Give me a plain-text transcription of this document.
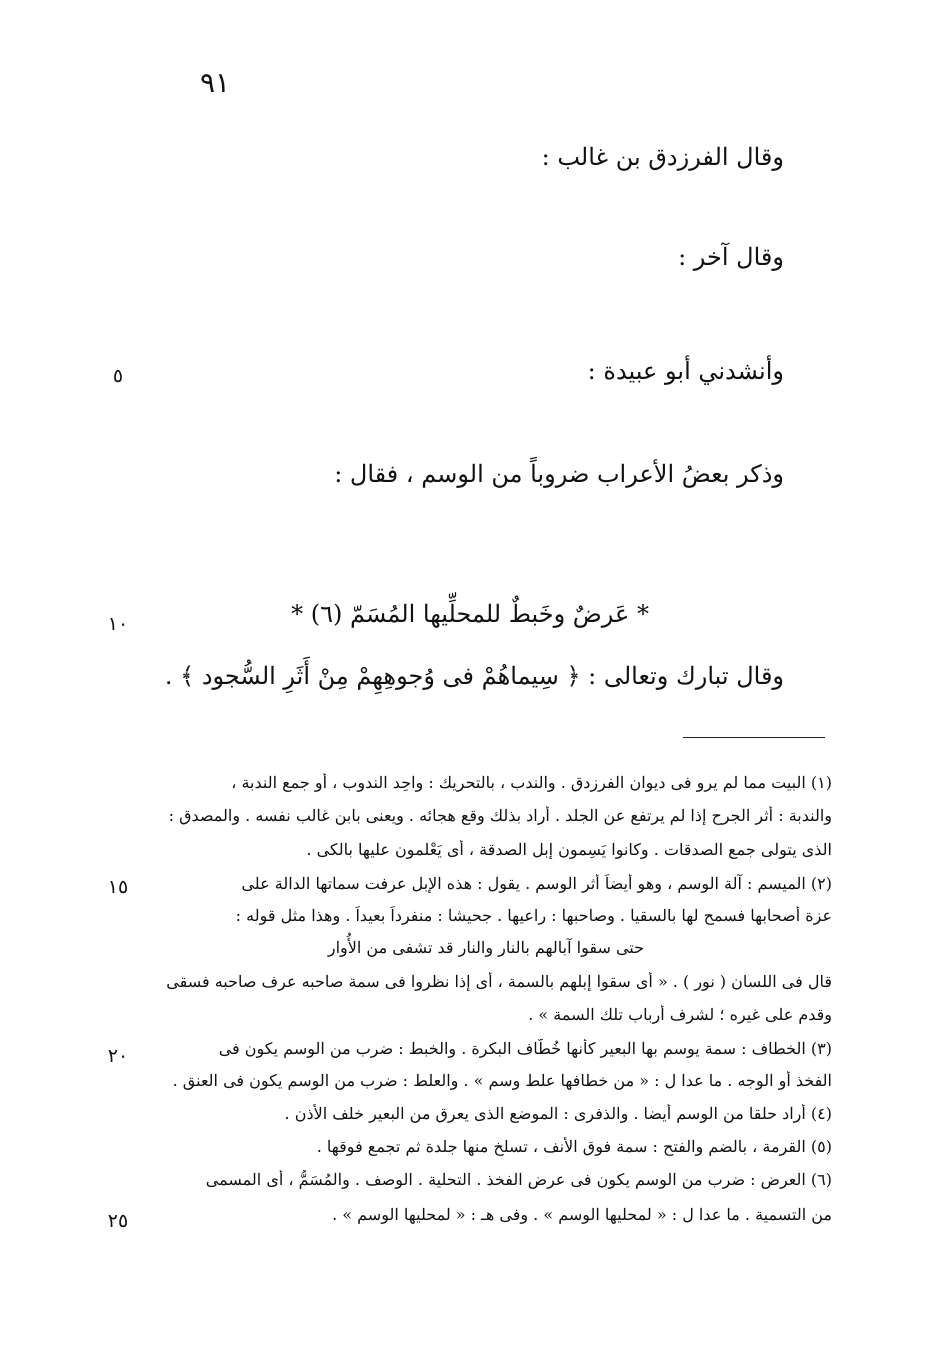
٩١
٥
١٠
١٥
٢٠
٢٥
وقال الفرزدق بن غالب :
وقال آخر :
وأنشدني أبو عبيدة :
وذكر بعضُ الأعراب ضروباً من الوسم ، فقال :
* عَرضٌ وخَبطٌ للمحلِّيها المُسَمّ (٦) *
وقال تبارك وتعالى : ﴿ سِيماهُمْ فى وُجوهِهِمْ مِنْ أَثَرِ السُّجود ﴾ .
(١) البيت مما لم يرو فى ديوان الفرزدق . والندب ، بالتحريك : واحِد الندوب ، أو جمع الندبة ،
والندبة : أثر الجرح إذا لم يرتفع عن الجلد . أراد بذلك وقع هجائه . ويعنى بابن غالب نفسه . والمصدق :
الذى يتولى جمع الصدقات . وكانوا يَسِمون إبل الصدقة ، أى يَعْلمون عليها بالكى .
(٢) الميسم : آلة الوسم ، وهو أيضاً أثر الوسم . يقول : هذه الإبل عرفت سماتها الدالة على
عزة أصحابها فسمح لها بالسقيا . وصاحبها : راعيها . جحيشا : منفرداً بعيداً . وهذا مثل قوله :
حتى سقوا آبالهم بالنار والنار قد تشفى من الأُوار
قال فى اللسان ( نور ) . « أى سقوا إبلهم بالسمة ، أى إذا نظروا فى سمة صاحبه عرف صاحبه فسقى
وقدم على غيره ؛ لشرف أرباب تلك السمة » .
(٣) الخطاف : سمة يوسم بها البعير كأنها خُطَّاف البكرة . والخبط : ضرب من الوسم يكون فى
الفخذ أو الوجه . ما عدا ل : « من خطافها علط وسم » . والعلط : ضرب من الوسم يكون فى العنق .
(٤) أراد حلقا من الوسم أيضا . والذفرى : الموضع الذى يعرق من البعير خلف الأذن .
(٥) القرمة ، بالضم والفتح : سمة فوق الأنف ، تسلخ منها جلدة ثم تجمع فوقها .
(٦) العرض : ضرب من الوسم يكون فى عرض الفخذ . التحلية . الوصف . والمُسَمُّ ، أى المسمى
من التسمية . ما عدا ل : « لمحليها الوسم » . وفى هـ : « لمحليها الوسم » .
